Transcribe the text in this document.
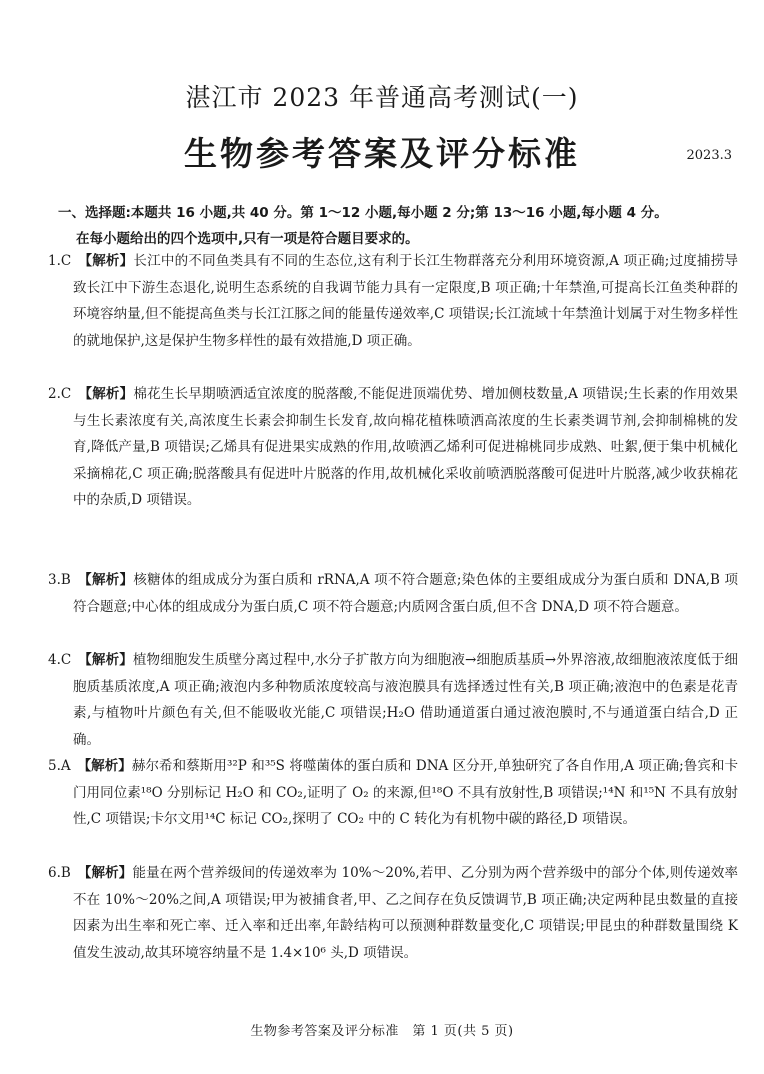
湛江市 2023 年普通高考测试(一)
生物参考答案及评分标准	2023.3
一、选择题:本题共 16 小题,共 40 分。第 1～12 小题,每小题 2 分;第 13～16 小题,每小题 4 分。
在每小题给出的四个选项中,只有一项是符合题目要求的。
1.C　 【解析】长江中的不同鱼类具有不同的生态位,这有利于长江生物群落充分利用环境资源,A 项正确;过度捕捞导致长江中下游生态退化,说明生态系统的自我调节能力具有一定限度,B 项正确;十年禁渔,可提高长江鱼类种群的环境容纳量,但不能提高鱼类与长江江豚之间的能量传递效率,C 项错误;长江流域十年禁渔计划属于对生物多样性的就地保护,这是保护生物多样性的最有效措施,D 项正确。
2.C　 【解析】棉花生长早期喷洒适宜浓度的脱落酸,不能促进顶端优势、增加侧枝数量,A 项错误;生长素的作用效果与生长素浓度有关,高浓度生长素会抑制生长发育,故向棉花植株喷洒高浓度的生长素类调节剂,会抑制棉桃的发育,降低产量,B 项错误;乙烯具有促进果实成熟的作用,故喷洒乙烯利可促进棉桃同步成熟、吐絮,便于集中机械化采摘棉花,C 项正确;脱落酸具有促进叶片脱落的作用,故机械化采收前喷洒脱落酸可促进叶片脱落,减少收获棉花中的杂质,D 项错误。
3.B　 【解析】核糖体的组成成分为蛋白质和 rRNA,A 项不符合题意;染色体的主要组成成分为蛋白质和 DNA,B 项符合题意;中心体的组成成分为蛋白质,C 项不符合题意;内质网含蛋白质,但不含 DNA,D 项不符合题意。
4.C　 【解析】植物细胞发生质壁分离过程中,水分子扩散方向为细胞液→细胞质基质→外界溶液,故细胞液浓度低于细胞质基质浓度,A 项正确;液泡内多种物质浓度较高与液泡膜具有选择透过性有关,B 项正确;液泡中的色素是花青素,与植物叶片颜色有关,但不能吸收光能,C 项错误;H₂O 借助通道蛋白通过液泡膜时,不与通道蛋白结合,D 正确。
5.A　 【解析】赫尔希和蔡斯用³²P 和³⁵S 将噬菌体的蛋白质和 DNA 区分开,单独研究了各自作用,A 项正确;鲁宾和卡门用同位素¹⁸O 分别标记 H₂O 和 CO₂,证明了 O₂ 的来源,但¹⁸O 不具有放射性,B 项错误;¹⁴N 和¹⁵N 不具有放射性,C 项错误;卡尔文用¹⁴C 标记 CO₂,探明了 CO₂ 中的 C 转化为有机物中碳的路径,D 项错误。
6.B　 【解析】能量在两个营养级间的传递效率为 10%～20%,若甲、乙分别为两个营养级中的部分个体,则传递效率不在 10%～20%之间,A 项错误;甲为被捕食者,甲、乙之间存在负反馈调节,B 项正确;决定两种昆虫数量的直接因素为出生率和死亡率、迁入率和迁出率,年龄结构可以预测种群数量变化,C 项错误;甲昆虫的种群数量围绕 K 值发生波动,故其环境容纳量不是 1.4×10⁶ 头,D 项错误。
生物参考答案及评分标准　第 1 页(共 5 页)
